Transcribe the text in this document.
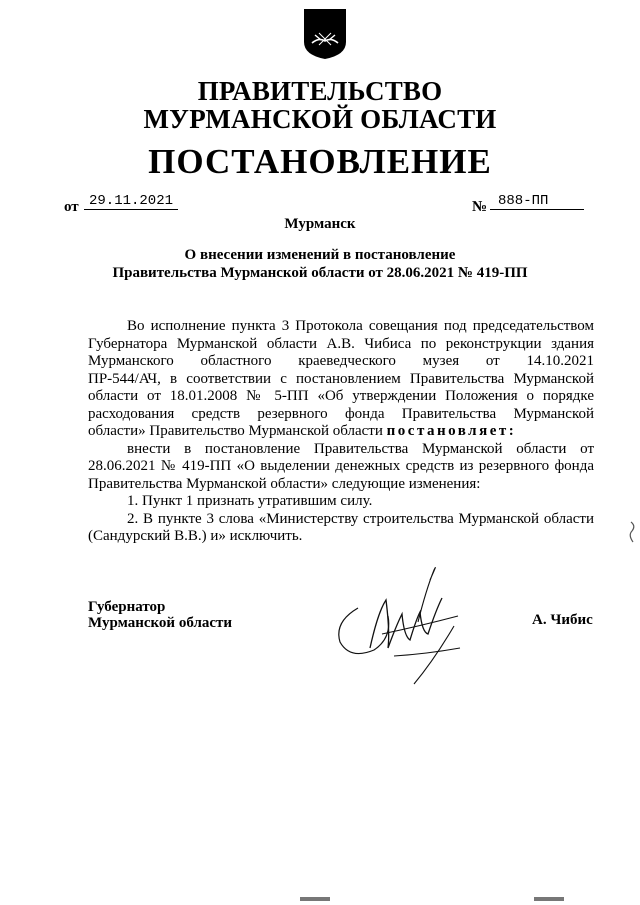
ПРАВИТЕЛЬСТВО
МУРМАНСКОЙ ОБЛАСТИ
ПОСТАНОВЛЕНИЕ
от 29.11.2021	№ 888-ПП
Мурманск
О внесении изменений в постановление
Правительства Мурманской области от 28.06.2021 № 419-ПП
Во исполнение пункта 3 Протокола совещания под председательством
Губернатора Мурманской области А.В. Чибиса по реконструкции здания
Мурманского областного краеведческого музея от 14.10.2021
ПР-544/АЧ, в соответствии с постановлением Правительства Мурманской
области от 18.01.2008 № 5-ПП «Об утверждении Положения о порядке
расходования средств резервного фонда Правительства Мурманской
области» Правительство Мурманской области постановляет:
внести в постановление Правительства Мурманской области от
28.06.2021 № 419-ПП «О выделении денежных средств из резервного фонда
Правительства Мурманской области» следующие изменения:
1. Пункт 1 признать утратившим силу.
2. В пункте 3 слова «Министерству строительства Мурманской области
(Сандурский В.В.) и» исключить.
Губернатор
Мурманской области	А. Чибис
